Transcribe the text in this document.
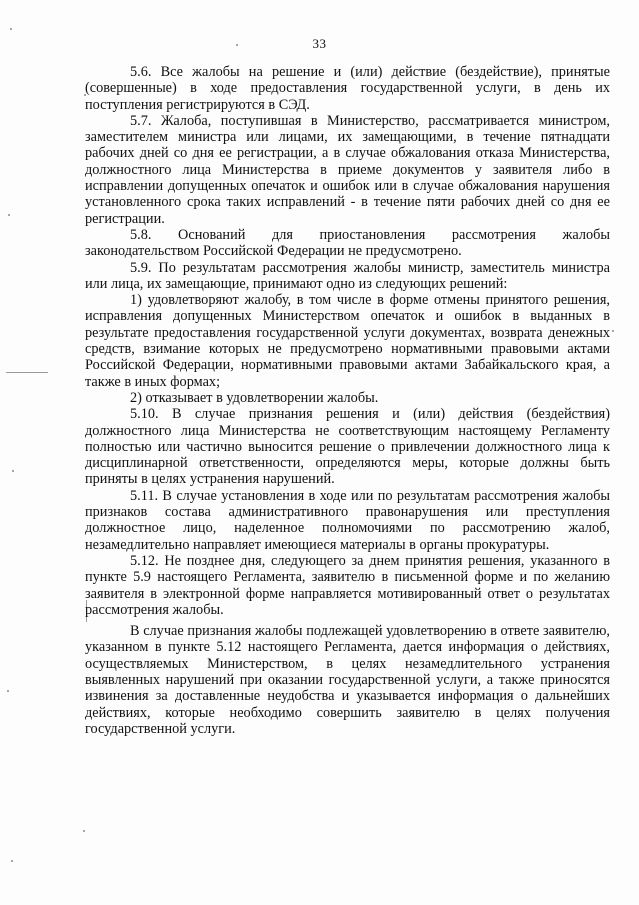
33

5.6. Все жалобы на решение и (или) действие (бездействие), принятые (совершенные) в ходе предоставления государственной услуги, в день их поступления регистрируются в СЭД.

5.7. Жалоба, поступившая в Министерство, рассматривается министром, заместителем министра или лицами, их замещающими, в течение пятнадцати рабочих дней со дня ее регистрации, а в случае обжалования отказа Министерства, должностного лица Министерства в приеме документов у заявителя либо в исправлении допущенных опечаток и ошибок или в случае обжалования нарушения установленного срока таких исправлений - в течение пяти рабочих дней со дня ее регистрации.

5.8. Оснований для приостановления рассмотрения жалобы законодательством Российской Федерации не предусмотрено.

5.9. По результатам рассмотрения жалобы министр, заместитель министра или лица, их замещающие, принимают одно из следующих решений:

1) удовлетворяют жалобу, в том числе в форме отмены принятого решения, исправления допущенных Министерством опечаток и ошибок в выданных в результате предоставления государственной услуги документах, возврата денежных средств, взимание которых не предусмотрено нормативными правовыми актами Российской Федерации, нормативными правовыми актами Забайкальского края, а также в иных формах;

2) отказывает в удовлетворении жалобы.

5.10. В случае признания решения и (или) действия (бездействия) должностного лица Министерства не соответствующим настоящему Регламенту полностью или частично выносится решение о привлечении должностного лица к дисциплинарной ответственности, определяются меры, которые должны быть приняты в целях устранения нарушений.

5.11. В случае установления в ходе или по результатам рассмотрения жалобы признаков состава административного правонарушения или преступления должностное лицо, наделенное полномочиями по рассмотрению жалоб, незамедлительно направляет имеющиеся материалы в органы прокуратуры.

5.12. Не позднее дня, следующего за днем принятия решения, указанного в пункте 5.9 настоящего Регламента, заявителю в письменной форме и по желанию заявителя в электронной форме направляется мотивированный ответ о результатах рассмотрения жалобы.

В случае признания жалобы подлежащей удовлетворению в ответе заявителю, указанном в пункте 5.12 настоящего Регламента, дается информация о действиях, осуществляемых Министерством, в целях незамедлительного устранения выявленных нарушений при оказании государственной услуги, а также приносятся извинения за доставленные неудобства и указывается информация о дальнейших действиях, которые необходимо совершить заявителю в целях получения государственной услуги.
